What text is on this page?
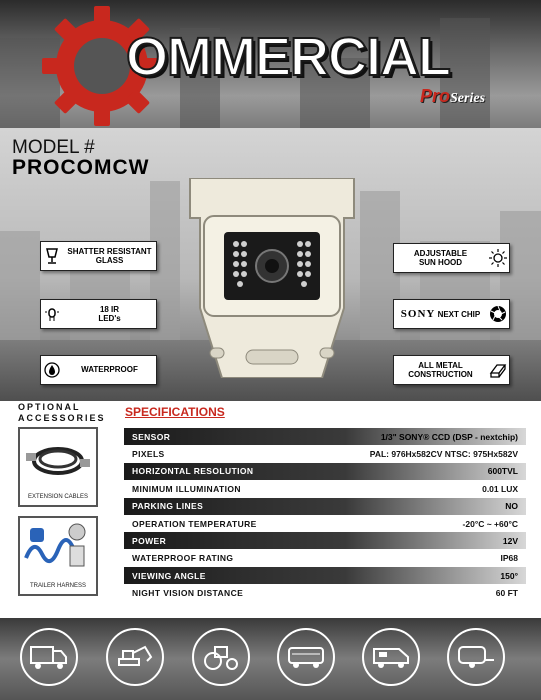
OMMERCIAL
ProSeries
MODEL #
PROCOMCW
SHATTER RESISTANT
GLASS
18 IR
LED's
WATERPROOF
ADJUSTABLE
SUN HOOD
SONY NEXT CHIP
ALL METAL
CONSTRUCTION
OPTIONAL
ACCESSORIES
EXTENSION CABLES
TRAILER HARNESS
SPECIFICATIONS
SENSOR	1/3" SONY® CCD (DSP - nextchip)
PIXELS	PAL: 976Hx582CV NTSC: 975Hx582V
HORIZONTAL RESOLUTION	600TVL
MINIMUM ILLUMINATION	0.01 LUX
PARKING LINES	NO
OPERATION TEMPERATURE	-20°C ~ +60°C
POWER	12V
WATERPROOF RATING	IP68
VIEWING ANGLE	150°
NIGHT VISION DISTANCE	60 FT
